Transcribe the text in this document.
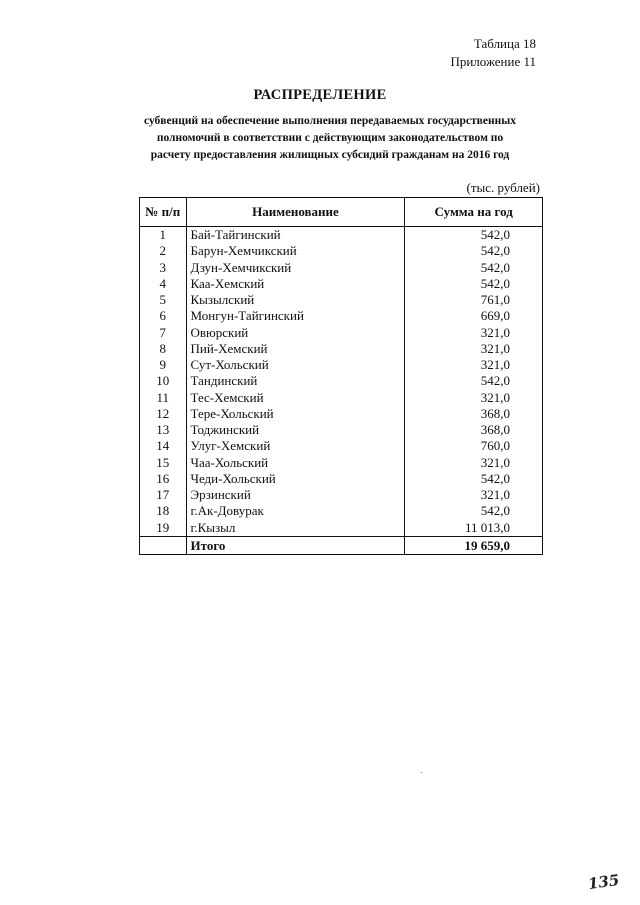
Таблица 18
Приложение 11
РАСПРЕДЕЛЕНИЕ
субвенций на обеспечение выполнения передаваемых государственных
полномочий в соответствии с действующим законодательством по
расчету предоставления жилищных субсидий гражданам на 2016 год
(тыс. рублей)
№ п/п	Наименование	Сумма на год
1	Бай-Тайгинский	542,0
2	Барун-Хемчикский	542,0
3	Дзун-Хемчикский	542,0
4	Каа-Хемский	542,0
5	Кызылский	761,0
6	Монгун-Тайгинский	669,0
7	Овюрский	321,0
8	Пий-Хемский	321,0
9	Сут-Хольский	321,0
10	Тандинский	542,0
11	Тес-Хемский	321,0
12	Тере-Хольский	368,0
13	Тоджинский	368,0
14	Улуг-Хемский	760,0
15	Чаа-Хольский	321,0
16	Чеди-Хольский	542,0
17	Эрзинский	321,0
18	г.Ак-Довурак	542,0
19	г.Кызыл	11 013,0
	Итого	19 659,0
135
